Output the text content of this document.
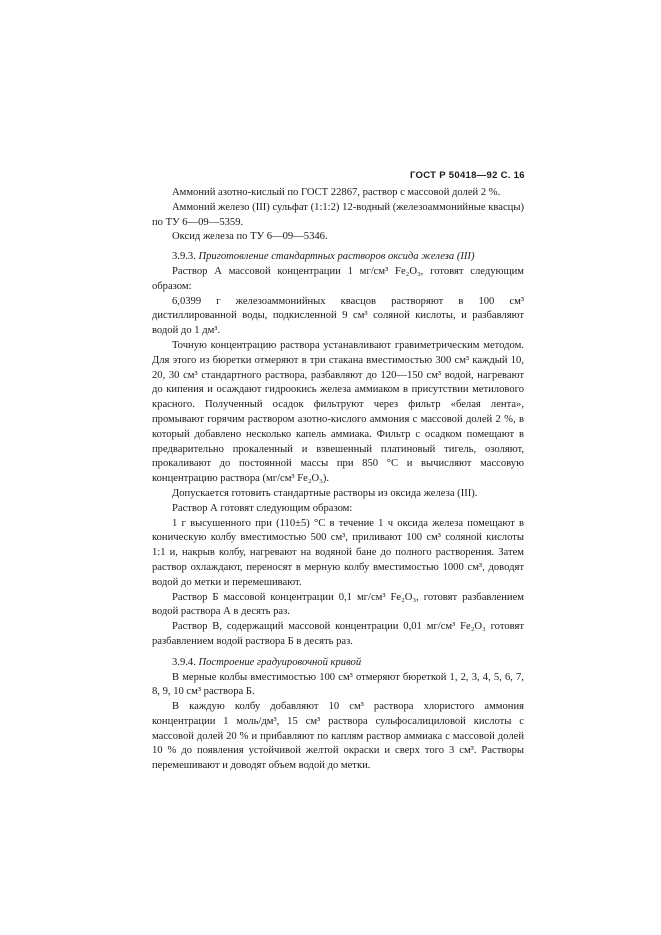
ГОСТ Р 50418—92 С. 16

Аммоний азотно-кислый по ГОСТ 22867, раствор с массовой долей 2 %.

Аммоний железо (III) сульфат (1:1:2) 12-водный (железоаммонийные квасцы) по ТУ 6—09—5359.

Оксид железа по ТУ 6—09—5346.

3.9.3. Приготовление стандартных растворов оксида железа (III)

Раствор А массовой концентрации 1 мг/см³ Fe₂O₃, готовят следующим образом:

6,0399 г железоаммонийных квасцов растворяют в 100 см³ дистиллированной воды, подкисленной 9 см³ соляной кислоты, и разбавляют водой до 1 дм³.

Точную концентрацию раствора устанавливают гравиметрическим методом. Для этого из бюретки отмеряют в три стакана вместимостью 300 см³ каждый 10, 20, 30 см³ стандартного раствора, разбавляют до 120—150 см³ водой, нагревают до кипения и осаждают гидроокись железа аммиаком в присутствии метилового красного. Полученный осадок фильтруют через фильтр «белая лента», промывают горячим раствором азотно-кислого аммония с массовой долей 2 %, в который добавлено несколько капель аммиака. Фильтр с осадком помещают в предварительно прокаленный и взвешенный платиновый тигель, озоляют, прокаливают до постоянной массы при 850 °С и вычисляют массовую концентрацию раствора (мг/см³ Fe₂O₃).

Допускается готовить стандартные растворы из оксида железа (III).

Раствор А готовят следующим образом:

1 г высушенного при (110±5) °С в течение 1 ч оксида железа помещают в коническую колбу вместимостью 500 см³, приливают 100 см³ соляной кислоты 1:1 и, накрыв колбу, нагревают на водяной бане до полного растворения. Затем раствор охлаждают, переносят в мерную колбу вместимостью 1000 см³, доводят водой до метки и перемешивают.

Раствор Б массовой концентрации 0,1 мг/см³ Fe₂O₃, готовят разбавлением водой раствора А в десять раз.

Раствор В, содержащий массовой концентрации 0,01 мг/см³ Fe₂O₃ готовят разбавлением водой раствора Б в десять раз.

3.9.4. Построение градуировочной кривой

В мерные колбы вместимостью 100 см³ отмеряют бюреткой 1, 2, 3, 4, 5, 6, 7, 8, 9, 10 см³ раствора Б.

В каждую колбу добавляют 10 см³ раствора хлористого аммония концентрации 1 моль/дм³, 15 см³ раствора сульфосалициловой кислоты с массовой долей 20 % и прибавляют по каплям раствор аммиака с массовой долей 10 % до появления устойчивой желтой окраски и сверх того 3 см³. Растворы перемешивают и доводят объем водой до метки.
